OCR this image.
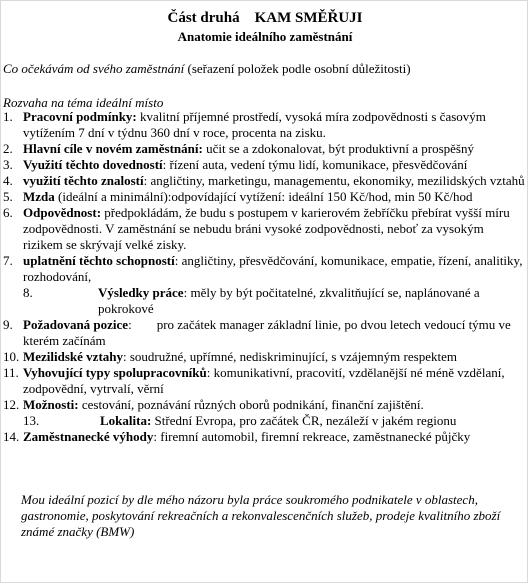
Část druhá KAM SMĚŘUJI
Anatomie ideálního zaměstnání
Co očekávám od svého zaměstnání (seřazení položek podle osobní důležitosti)
Rozvaha na téma ideální místo
1. Pracovní podmínky: kvalitní příjemné prostředí, vysoká míra zodpovědnosti s časovým vytížením 7 dní v týdnu 360 dní v roce, procenta na zisku.
2. Hlavní cíle v novém zaměstnání: učit se a zdokonalovat, být produktivní a prospěšný
3. Využití těchto dovedností: řízení auta, vedení týmu lidí, komunikace, přesvědčování
4. využití těchto znalostí: angličtiny, marketingu, managementu, ekonomiky, mezilidských vztahů
5. Mzda (ideální a minimální):odpovídající vytížení: ideální 150 Kč/hod, min 50 Kč/hod
6. Odpovědnost: předpokládám, že budu s postupem v karierovém žebříčku přebírat vyšší míru zodpovědnosti. V zaměstnání se nebudu bráni vysoké zodpovědnosti, neboť za vysokým rizikem se skrývají velké zisky.
7. uplatnění těchto schopností: angličtiny, přesvědčování, komunikace, empatie, řízení, analitiky, rozhodování,
8.	Výsledky práce: měly by být počitatelné, zkvalitňující se, naplánované a pokrokové
9. Požadovaná pozice: pro začátek manager základní linie, po dvou letech vedoucí týmu ve kterém začínám
10. Mezilidské vztahy: soudružné, upřímné, nediskriminující, s vzájemným respektem
11. Vyhovující typy spolupracovníků: komunikativní, pracovití, vzdělanější né méně vzdělaní, zodpovědní, vytrvalí, věrní
12. Možnosti: cestování, poznávání různých oborů podnikání, finanční zajištění.
13.	Lokalita: Střední Evropa, pro začátek ČR, nezáleží v jakém regionu
14. Zaměstnanecké výhody: firemní automobil, firemní rekreace, zaměstnanecké půjčky
Mou ideální pozicí by dle mého názoru byla práce soukromého podnikatele v oblastech, gastronomie, poskytování rekreačních a rekonvalescenčních služeb, prodeje kvalitního zboží známé značky (BMW)
